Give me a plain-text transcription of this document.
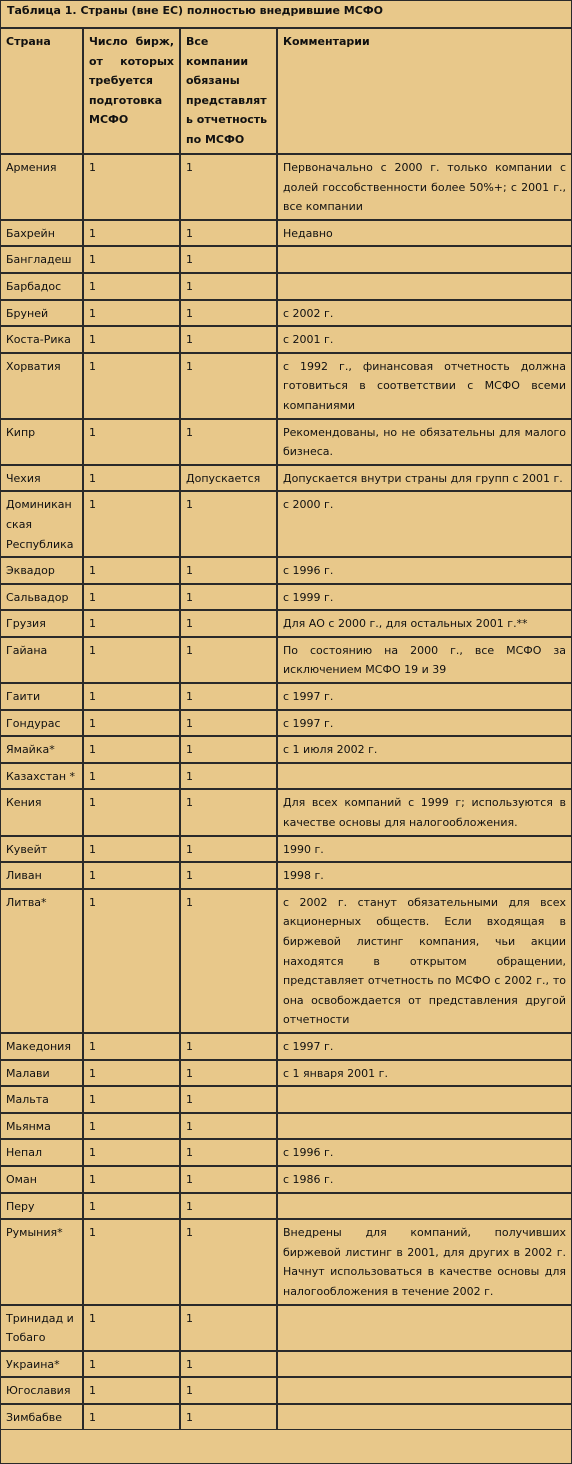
Таблица 1. Страны (вне ЕС) полностью внедрившие МСФО
Страна	Число бирж, от которых требуется подготовка МСФО	Все компании обязаны представлять отчетность по МСФО	Комментарии
Армения	1	1	Первоначально с 2000 г. только компании с долей госсобственности более 50%+; с 2001 г., все компании
Бахрейн	1	1	Недавно
Бангладеш	1	1	
Барбадос	1	1	
Бруней	1	1	с 2002 г.
Коста-Рика	1	1	с 2001 г.
Хорватия	1	1	с 1992 г., финансовая отчетность должна готовиться в соответствии с МСФО всеми компаниями
Кипр	1	1	Рекомендованы, но не обязательны для малого бизнеса.
Чехия	1	Допускается	Допускается внутри страны для групп с 2001 г.
Доминиканская Республика	1	1	с 2000 г.
Эквадор	1	1	с 1996 г.
Сальвадор	1	1	с 1999 г.
Грузия	1	1	Для АО с 2000 г., для остальных 2001 г.**
Гайана	1	1	По состоянию на 2000 г., все МСФО за исключением МСФО 19 и 39
Гаити	1	1	с 1997 г.
Гондурас	1	1	с 1997 г.
Ямайка*	1	1	с 1 июля 2002 г.
Казахстан *	1	1	
Кения	1	1	Для всех компаний с 1999 г; используются в качестве основы для налогообложения.
Кувейт	1	1	1990 г.
Ливан	1	1	1998 г.
Литва*	1	1	с 2002 г. станут обязательными для всех акционерных обществ. Если входящая в биржевой листинг компания, чьи акции находятся в открытом обращении, представляет отчетность по МСФО с 2002 г., то она освобождается от представления другой отчетности
Македония	1	1	с 1997 г.
Малави	1	1	с 1 января 2001 г.
Мальта	1	1	
Мьянма	1	1	
Непал	1	1	с 1996 г.
Оман	1	1	с 1986 г.
Перу	1	1	
Румыния*	1	1	Внедрены для компаний, получивших биржевой листинг в 2001, для других в 2002 г. Начнут использоваться в качестве основы для налогообложения в течение 2002 г.
Тринидад и Тобаго	1	1	
Украина*	1	1	
Югославия	1	1	
Зимбабве	1	1	
